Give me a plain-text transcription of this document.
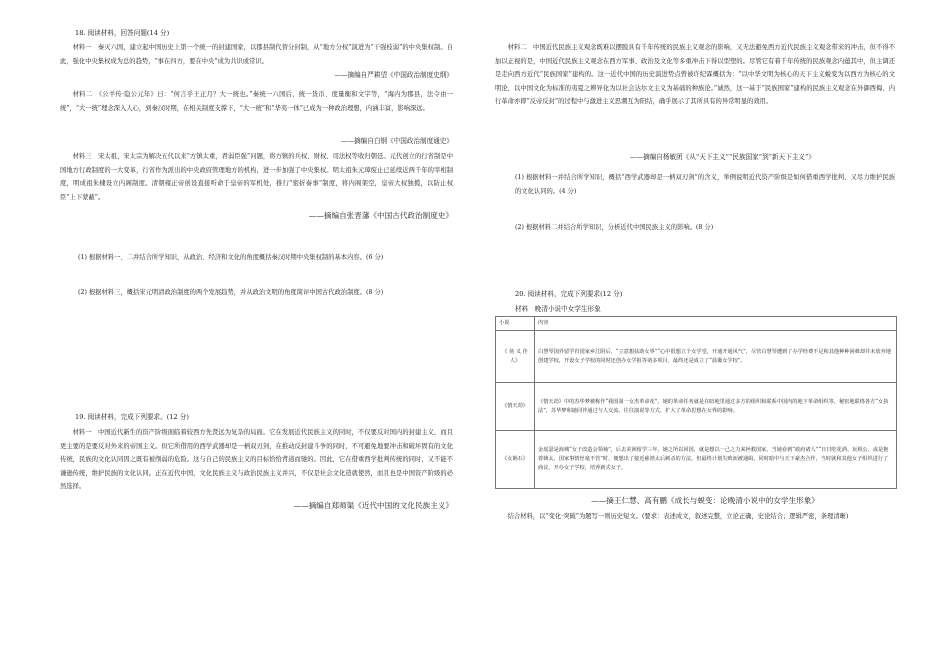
18. 阅读材料，回答问题(14 分)

材料一　秦灭六国，建立起中国历史上第一个统一的封建国家，以郡县制代替分封制，从“地方分权”演进为“干强枝弱”的中央集权制。自此，强化中央集权成为总的趋势，“事在四方，要在中央”成为共识或常识。

——摘编自严耕望《中国政治制度史纲》

材料二　《公羊传·隐公元年》曰：“何言乎王正月？大一统也。”秦统一六国后，统一货币、度量衡和文字等，“海内为郡县，法令由一统”，“大一统”理念深入人心，到秦汉时期，在相关制度支撑下，“大一统”和“华夷一体”已成为一种政治理想，内涵丰富，影响深远。

——摘编自白钢《中国政治制度通史》

材料三　宋太祖、宋太宗为解决五代以来“方镇太重，君弱臣强”问题，将方镇的兵权、财权、司法权等收归朝廷。元代创立的行省制是中国地方行政制度的一大变革，行省作为派出的中央政府管理地方的机构，进一步加强了中央集权。明太祖朱元璋废止已延续近两千年的宰相制度，明成祖朱棣设立内阁制度。清朝雍正帝创设直接听命于皇帝的军机处，推行“密折奏事”制度，将内阁架空，皇帝大权独揽，以防止权臣“上下蒙蔽”。

——摘编自张晋藩《中国古代政治制度史》

(1) 根据材料一、二并结合所学知识，从政治、经济和文化的角度概括秦汉时期中央集权制的基本内容。(6 分)

(2) 根据材料三，概括宋元明清政治制度的两个发展趋势，并从政治文明的角度简评中国古代政治制度。(8 分)

19. 阅读材料，完成下列要求。(12 分)

材料一　中国近代新生的资产阶级面临着较西方先贤远为复杂的局面。它在发展近代民族主义的同时，不仅要反对国内的封建主义，而且更主要的是要反对外来的帝国主义。但它所借用的西学武器却是一柄双刃剑，在推动反封建斗争的同时，不可避免地要冲击和破坏固有的文化传统，民族的文化认同因之既有被削弱的危险。这与自己的民族主义的目标恰恰背道而驰的。因此，它在借重西学批判传统的同时，又不能不谦逊传统，维护民族的文化认同。正在近代中国，文化民族主义与政治民族主义并兴，不仅是社会文化造就使然，而且也是中国资产阶级的必然选择。

——摘编自郑师渠《近代中国的文化民族主义》

材料二　中国近代民族主义观念既难以摆脱具有千年传统的民族主义观念的影响，又无法避免西方近代民族主义观念带来的冲击，但不得不加以正视的是，中国近代民族主义观念在西方军事、政治及文化等多重冲击下得以型塑的。尽管它有着千年传统的民族观念内蕴其中，但主调还是走向西方近代“民族国家”建构的。这一近代中国的历史演进势点曾被许纪霖概括为：“以中华文明为核心的天下主义蜕变为以西方为核心的文明论，以中国文化为标准的夷夏之辨异化为以社会达尔文主义为基础的种族论。”诚然，这一基于“民族国家”建构的民族主义观念在外御西侮、内行革命亦即“反帝反封”的过程中与激进主义思潮互为阳结，确乎展示了其所具有的异常明显的效用。

——摘编自杨敏团《从“天下主义”“民族国家”到“新天下主义”》

(1) 根据材料一并结合所学知识，概括“西学武器却是一柄双刃剑”的含义，举例说明近代资产阶级是如何借重西学批判、又尽力维护民族的文化认同的。(4 分)

(2) 根据材料二并结合所学知识，分析近代中国民族主义的影响。(8 分)

20. 阅读材料，完成下列要求(12 分)

材料　晚清小说中女学生形象

小说	内容
《 侠 义 佳人》	白慧琴国外留学归国家乡江阴后，“立意想扶助女界”“心中很想立个女学堂，开通开通风气”，尽管白慧琴遭到了办学经费不足和其他种种困难却并未放弃地创建学校，开设女子学校的同时还创办女学报等诸多项目，最终还是成立了“晨霭女学校”。
《情天劫》	《情天劫》中的苏华梦被称作“我国第一女杰革命花”，她的革命任务就是在暗地里通过多方的组织和联系中国内的地下革命组织等，秘密地联络各方“女执法”，苏华梦和她同伴通过与人交流、往往演说等方式，扩大了革命思想在女界的影响。
《女娲石》	金瑶瑟是海城“女子改造会领袖”，后去美洲留学三年，她之所以回国，就是想以一己之力来拯救国家。当她看到“政府诸人”“日日吃花酒、玩相公、或是抱着姨太，国家事情丝毫不管”时，便想出了接近慈禧太后刺杀的方法，但最终计划失败而被通缉，同时暗中与天下豪杰合作，当时就和其他女子组织进行了商议，开办女子学校，培养新式女子。

——摘王仁慧、高有鹏《成长与蜕变：论晚清小说中的女学生形象》

结合材料，以“变化·突破”为题写一则历史短文。(要求：表述成文，叙述完整，立论正确，史论结合；逻辑严密，条理清晰)
